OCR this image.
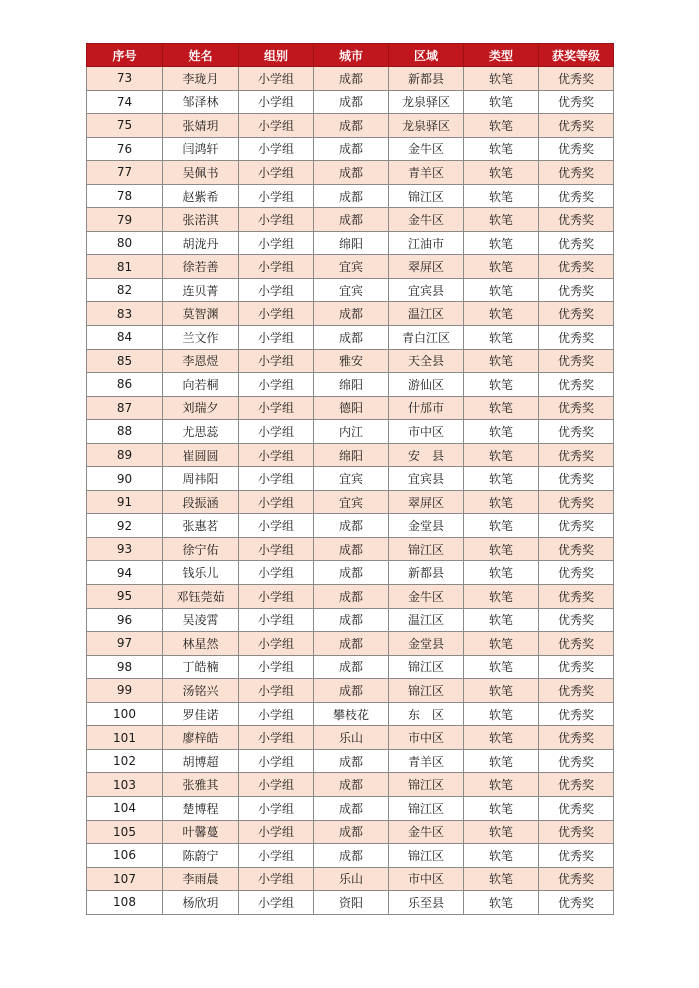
序号	姓名	组别	城市	区域	类型	获奖等级
73	李珑月	小学组	成都	新都县	软笔	优秀奖
74	邹泽林	小学组	成都	龙泉驿区	软笔	优秀奖
75	张婧玥	小学组	成都	龙泉驿区	软笔	优秀奖
76	闫鸿轩	小学组	成都	金牛区	软笔	优秀奖
77	吴佩书	小学组	成都	青羊区	软笔	优秀奖
78	赵紫希	小学组	成都	锦江区	软笔	优秀奖
79	张渃淇	小学组	成都	金牛区	软笔	优秀奖
80	胡泷丹	小学组	绵阳	江油市	软笔	优秀奖
81	徐若善	小学组	宜宾	翠屏区	软笔	优秀奖
82	连贝菁	小学组	宜宾	宜宾县	软笔	优秀奖
83	莫智渊	小学组	成都	温江区	软笔	优秀奖
84	兰文作	小学组	成都	青白江区	软笔	优秀奖
85	李恩煜	小学组	雅安	天全县	软笔	优秀奖
86	向若桐	小学组	绵阳	游仙区	软笔	优秀奖
87	刘瑞夕	小学组	德阳	什邡市	软笔	优秀奖
88	尤思蕊	小学组	内江	市中区	软笔	优秀奖
89	崔圆圆	小学组	绵阳	安　县	软笔	优秀奖
90	周祎阳	小学组	宜宾	宜宾县	软笔	优秀奖
91	段振涵	小学组	宜宾	翠屏区	软笔	优秀奖
92	张惠茗	小学组	成都	金堂县	软笔	优秀奖
93	徐宁佑	小学组	成都	锦江区	软笔	优秀奖
94	钱乐儿	小学组	成都	新都县	软笔	优秀奖
95	邓钰莞茹	小学组	成都	金牛区	软笔	优秀奖
96	吴凌霄	小学组	成都	温江区	软笔	优秀奖
97	林星然	小学组	成都	金堂县	软笔	优秀奖
98	丁皓楠	小学组	成都	锦江区	软笔	优秀奖
99	汤铭兴	小学组	成都	锦江区	软笔	优秀奖
100	罗佳诺	小学组	攀枝花	东　区	软笔	优秀奖
101	廖梓皓	小学组	乐山	市中区	软笔	优秀奖
102	胡博超	小学组	成都	青羊区	软笔	优秀奖
103	张雅其	小学组	成都	锦江区	软笔	优秀奖
104	楚博程	小学组	成都	锦江区	软笔	优秀奖
105	叶馨蔓	小学组	成都	金牛区	软笔	优秀奖
106	陈蔚宁	小学组	成都	锦江区	软笔	优秀奖
107	李雨晨	小学组	乐山	市中区	软笔	优秀奖
108	杨欣玥	小学组	资阳	乐至县	软笔	优秀奖
